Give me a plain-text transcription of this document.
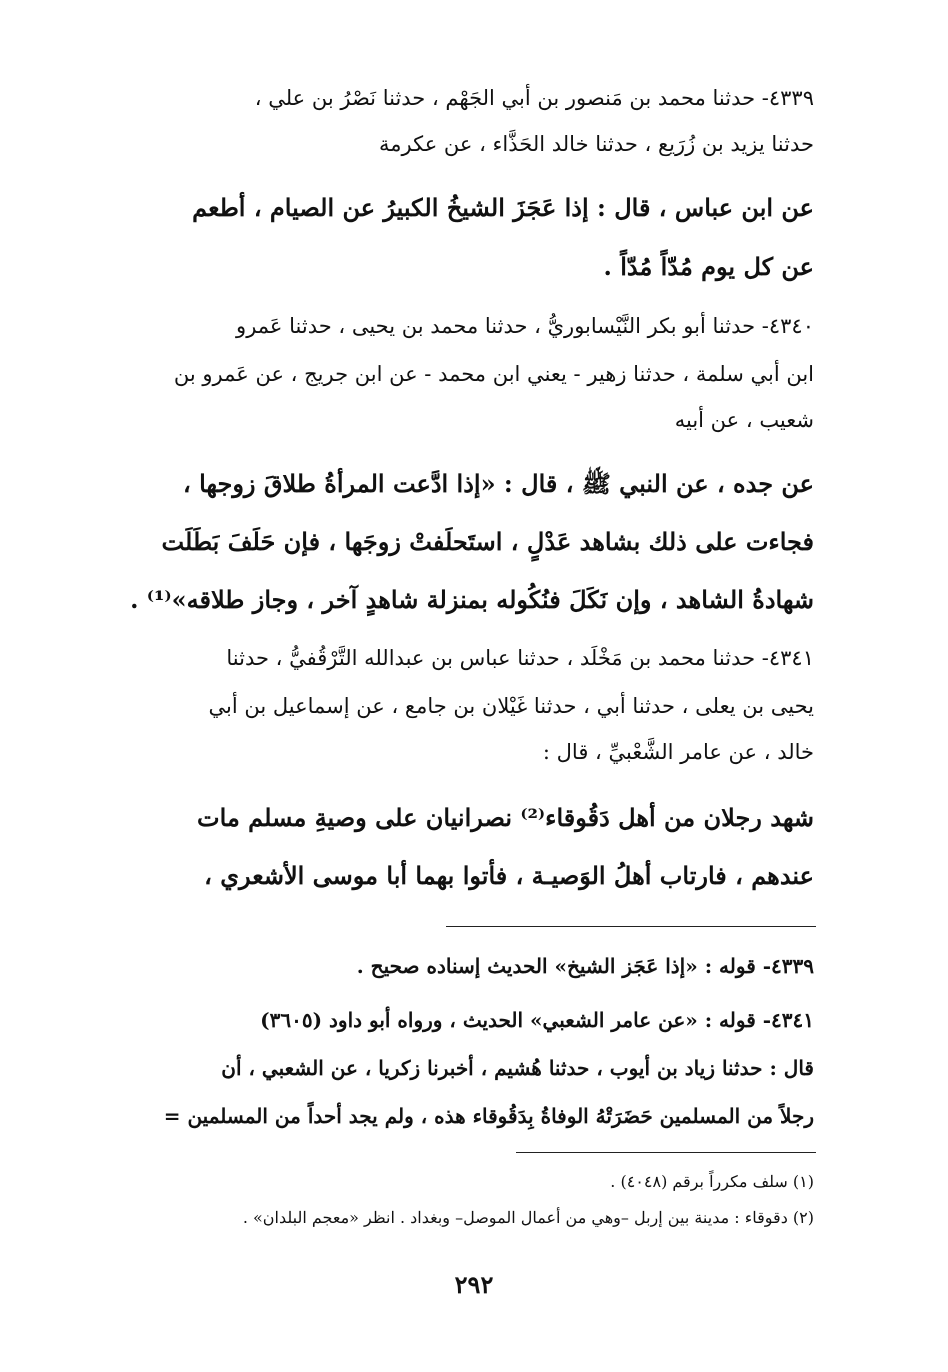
٤٣٣٩- حدثنا محمد بن مَنصور بن أبي الجَهْم ، حدثنا نَصْرُ بن علي ،
حدثنا يزيد بن زُرَيع ، حدثنا خالد الحَذَّاء ، عن عكرمة
عن ابن عباس ، قال : إذا عَجَزَ الشيخُ الكبيرُ عن الصيام ، أطعم
عن كل يوم مُدّاً مُدّاً .
٤٣٤٠- حدثنا أبو بكر النَّيْسابوريُّ ، حدثنا محمد بن يحيى ، حدثنا عَمرو
ابن أبي سلمة ، حدثنا زهير - يعني ابن محمد - عن ابن جريج ، عن عَمرو بن
شعيب ، عن أبيه
عن جده ، عن النبي ﷺ ، قال : «إذا ادَّعت المرأةُ طلاقَ زوجها ،
فجاءت على ذلك بشاهد عَدْلٍ ، استَحلَفتْ زوجَها ، فإن حَلَفَ بَطَلَت
شهادةُ الشاهد ، وإن نَكَلَ فنُكُوله بمنزلة شاهدٍ آخر ، وجاز طلاقه»⁽¹⁾ .
٤٣٤١- حدثنا محمد بن مَخْلَد ، حدثنا عباس بن عبدالله التَّرْقُفيُّ ، حدثنا
يحيى بن يعلى ، حدثنا أبي ، حدثنا غَيْلان بن جامع ، عن إسماعيل بن أبي
خالد ، عن عامر الشَّعْبيِّ ، قال :
شهد رجلان من أهل دَقُوقاء⁽²⁾ نصرانيان على وصيةِ مسلم مات
عندهم ، فارتاب أهلُ الوَصيـة ، فأتوا بهما أبا موسى الأشعري ،
٤٣٣٩- قوله : «إذا عَجَز الشيخ» الحديث إسناده صحيح .
٤٣٤١- قوله : «عن عامر الشعبي» الحديث ، ورواه أبو داود (٣٦٠٥)
قال : حدثنا زياد بن أيوب ، حدثنا هُشيم ، أخبرنا زكريا ، عن الشعبي ، أن
رجلاً من المسلمين حَضَرَتْهُ الوفاةُ بِدَقُوقاء هذه ، ولم يجد أحداً من المسلمين =
(١) سلف مكرراً برقم (٤٠٤٨) .
(٢) دقوقاء : مدينة بين إربل –وهي من أعمال الموصل– وبغداد . انظر «معجم البلدان» .
٢٩٢
